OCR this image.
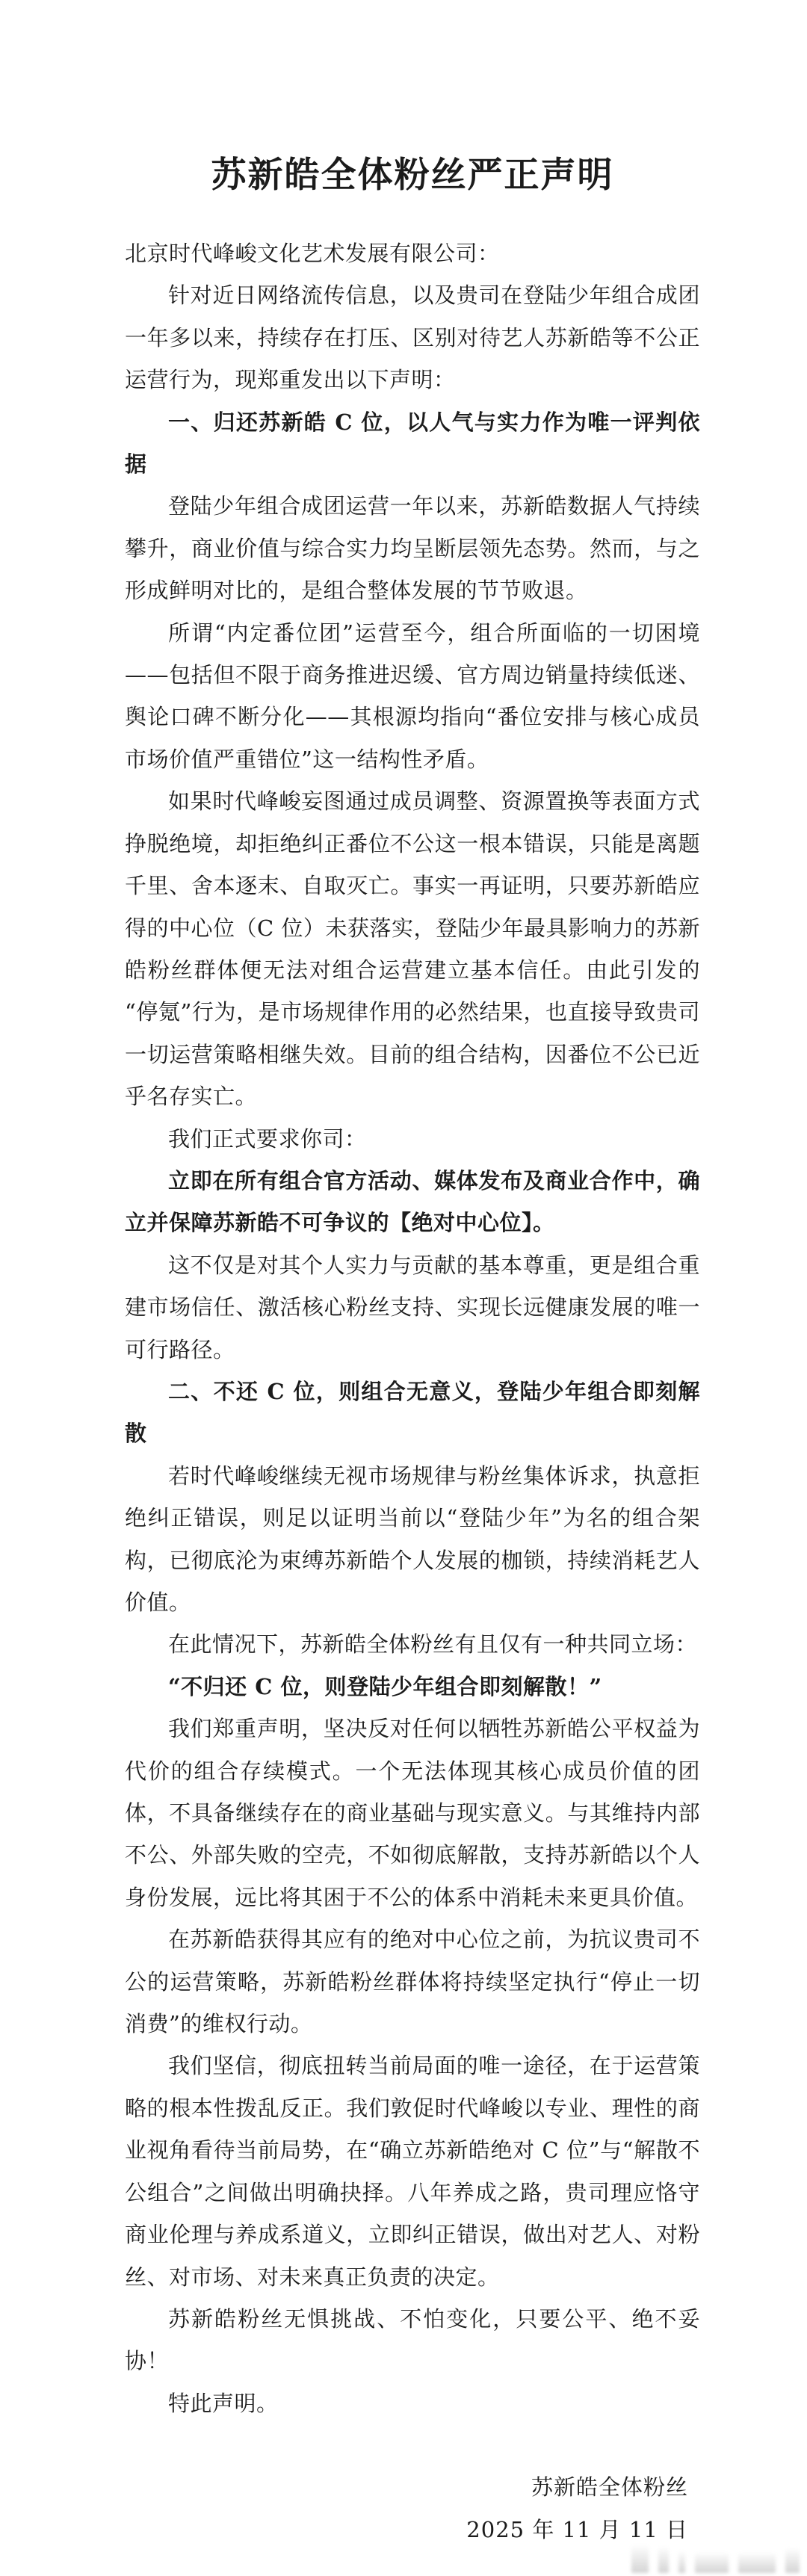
苏新皓全体粉丝严正声明

北京时代峰峻文化艺术发展有限公司：

针对近日网络流传信息，以及贵司在登陆少年组合成团一年多以来，持续存在打压、区别对待艺人苏新皓等不公正运营行为，现郑重发出以下声明：

一、归还苏新皓 C 位，以人气与实力作为唯一评判依据

登陆少年组合成团运营一年以来，苏新皓数据人气持续攀升，商业价值与综合实力均呈断层领先态势。然而，与之形成鲜明对比的，是组合整体发展的节节败退。

所谓“内定番位团”运营至今，组合所面临的一切困境——包括但不限于商务推进迟缓、官方周边销量持续低迷、舆论口碑不断分化——其根源均指向“番位安排与核心成员市场价值严重错位”这一结构性矛盾。

如果时代峰峻妄图通过成员调整、资源置换等表面方式挣脱绝境，却拒绝纠正番位不公这一根本错误，只能是离题千里、舍本逐末、自取灭亡。事实一再证明，只要苏新皓应得的中心位（C 位）未获落实，登陆少年最具影响力的苏新皓粉丝群体便无法对组合运营建立基本信任。由此引发的“停氪”行为，是市场规律作用的必然结果，也直接导致贵司一切运营策略相继失效。目前的组合结构，因番位不公已近乎名存实亡。

我们正式要求你司：

立即在所有组合官方活动、媒体发布及商业合作中，确立并保障苏新皓不可争议的【绝对中心位】。

这不仅是对其个人实力与贡献的基本尊重，更是组合重建市场信任、激活核心粉丝支持、实现长远健康发展的唯一可行路径。

二、不还 C 位，则组合无意义，登陆少年组合即刻解散

若时代峰峻继续无视市场规律与粉丝集体诉求，执意拒绝纠正错误，则足以证明当前以“登陆少年”为名的组合架构，已彻底沦为束缚苏新皓个人发展的枷锁，持续消耗艺人价值。

在此情况下，苏新皓全体粉丝有且仅有一种共同立场：

“不归还 C 位，则登陆少年组合即刻解散！”

我们郑重声明，坚决反对任何以牺牲苏新皓公平权益为代价的组合存续模式。一个无法体现其核心成员价值的团体，不具备继续存在的商业基础与现实意义。与其维持内部不公、外部失败的空壳，不如彻底解散，支持苏新皓以个人身份发展，远比将其困于不公的体系中消耗未来更具价值。

在苏新皓获得其应有的绝对中心位之前，为抗议贵司不公的运营策略，苏新皓粉丝群体将持续坚定执行“停止一切消费”的维权行动。

我们坚信，彻底扭转当前局面的唯一途径，在于运营策略的根本性拨乱反正。我们敦促时代峰峻以专业、理性的商业视角看待当前局势，在“确立苏新皓绝对 C 位”与“解散不公组合”之间做出明确抉择。八年养成之路，贵司理应恪守商业伦理与养成系道义，立即纠正错误，做出对艺人、对粉丝、对市场、对未来真正负责的决定。

苏新皓粉丝无惧挑战、不怕变化，只要公平、绝不妥协！

特此声明。

苏新皓全体粉丝

2025 年 11 月 11 日
